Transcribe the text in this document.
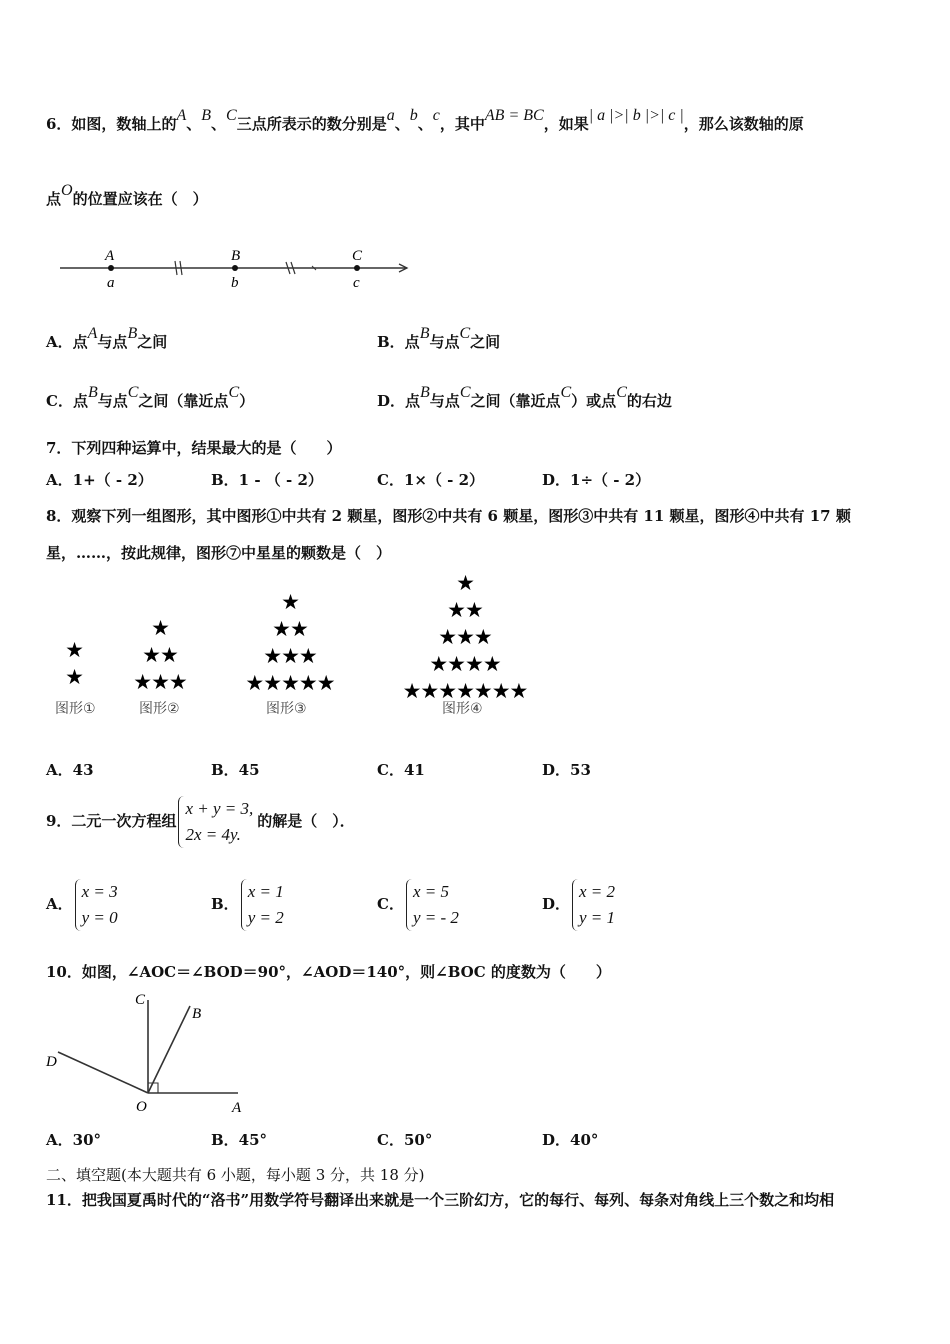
6．如图，数轴上的A、B、C三点所表示的数分别是a、b、c，其中AB = BC，如果| a |>| b |>| c |，那么该数轴的原
点O的位置应该在（　）
A	B	C
a	b	c
A．点A与点B之间	B．点B与点C之间
C．点B与点C之间（靠近点C）	D．点B与点C之间（靠近点C）或点C的右边
7．下列四种运算中，结果最大的是（　　）
A．1+（ - 2）	B．1 - （ - 2）	C．1×（ - 2）	D．1÷（ - 2）
8．观察下列一组图形，其中图形①中共有 2 颗星，图形②中共有 6 颗星，图形③中共有 11 颗星，图形④中共有 17 颗
星，……，按此规律，图形⑦中星星的颗数是（　）
★
★
图形①
★
★★
★★★
图形②
★
★★
★★★
★★★★★
图形③
★
★★
★★★
★★★★
★★★★★★★
图形④
A．43	B．45	C．41	D．53
9．二元一次方程组
x + y = 3,
2x = 4y.
的解是（　）．
A．
x = 3
y = 0
B．
x = 1
y = 2
C．
x = 5
y = - 2
D．
x = 2
y = 1
10．如图，∠AOC＝∠BOD＝90°，∠AOD＝140°，则∠BOC 的度数为（　　）
C
B
D
O	A
A．30°	B．45°	C．50°	D．40°
二、填空题(本大题共有 6 小题，每小题 3 分，共 18 分)
11．把我国夏禹时代的“洛书”用数学符号翻译出来就是一个三阶幻方，它的每行、每列、每条对角线上三个数之和均相
